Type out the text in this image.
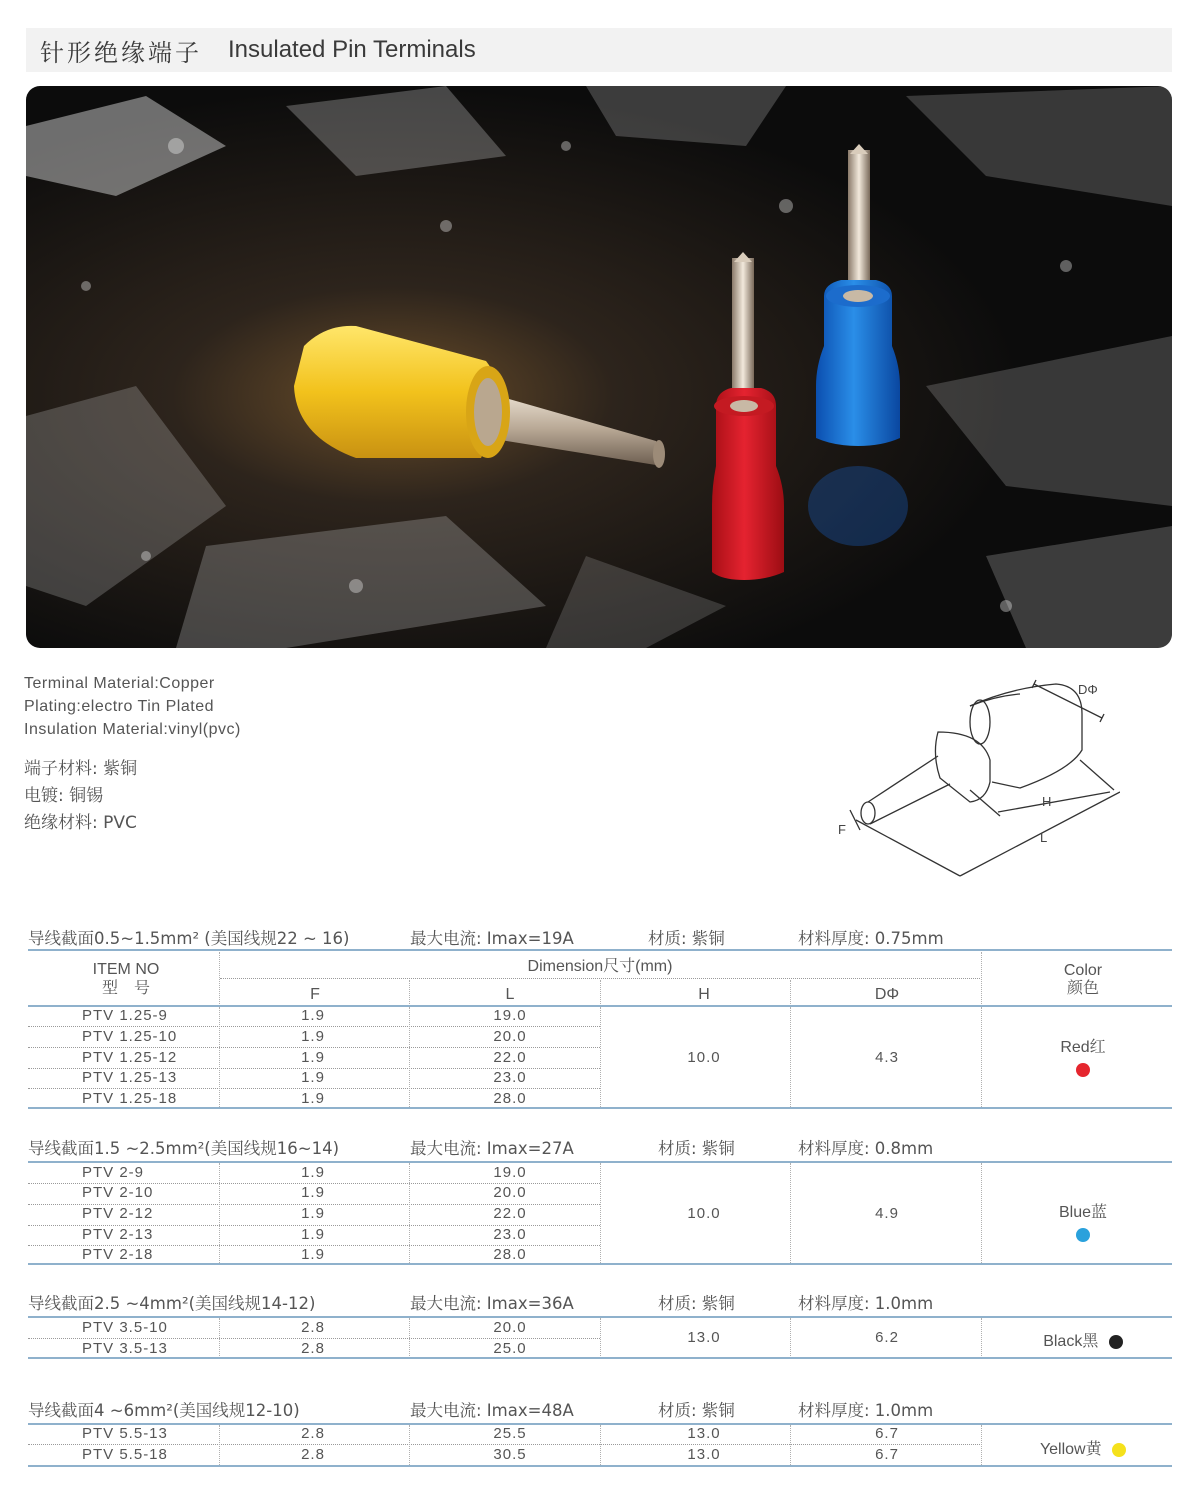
针形绝缘端子 Insulated Pin Terminals
Terminal Material:Copper
Plating:electro Tin Plated
Insulation Material:vinyl(pvc)
端子材料: 紫铜
电镀: 铜锡
绝缘材料: PVC
DΦ
H
L
F
导线截面0.5~1.5mm² (美国线规22 ~ 16)	最大电流: Imax=19A	材质: 紫铜	材料厚度: 0.75mm
ITEM NO
型　号
Dimension尺寸(mm)
F	L	H	DΦ
Color
颜色
PTV 1.25-9	1.9	19.0
PTV 1.25-10	1.9	20.0
PTV 1.25-12	1.9	22.0
PTV 1.25-13	1.9	23.0
PTV 1.25-18	1.9	28.0
10.0	4.3
Red红
导线截面1.5 ~2.5mm²(美国线规16~14)	最大电流: Imax=27A	材质: 紫铜	材料厚度: 0.8mm
PTV 2-9	1.9	19.0
PTV 2-10	1.9	20.0
PTV 2-12	1.9	22.0
PTV 2-13	1.9	23.0
PTV 2-18	1.9	28.0
10.0	4.9	Blue蓝
导线截面2.5 ~4mm²(美国线规14-12)	最大电流: Imax=36A	材质: 紫铜	材料厚度: 1.0mm
PTV 3.5-10	2.8	20.0
PTV 3.5-13	2.8	25.0
13.0	6.2	Black黑
导线截面4 ~6mm²(美国线规12-10)	最大电流: Imax=48A	材质: 紫铜	材料厚度: 1.0mm
PTV 5.5-13	2.8	25.5	13.0	6.7
PTV 5.5-18	2.8	30.5	13.0	6.7	Yellow黄
